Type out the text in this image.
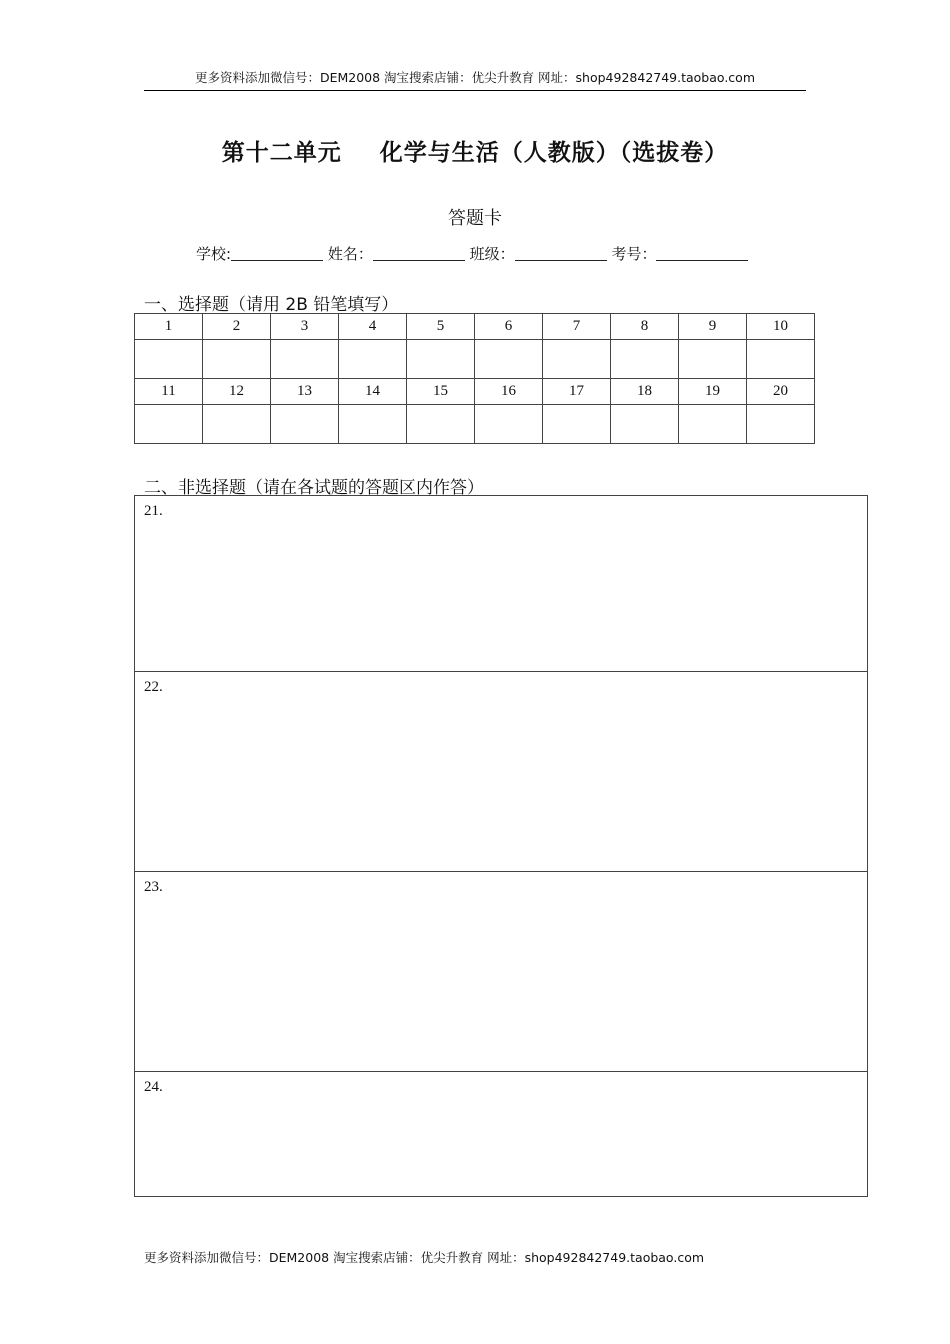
更多资料添加微信号：DEM2008 淘宝搜索店铺：优尖升教育 网址：shop492842749.taobao.com
第十二单元 化学与生活（人教版）（选拔卷）
答题卡
学校:	姓名：	班级：	考号：
一、选择题（请用 2B 铅笔填写）
1	2	3	4	5	6	7	8	9	10

11	12	13	14	15	16	17	18	19	20

二、非选择题（请在各试题的答题区内作答）
21.
22.
23.
24.
更多资料添加微信号：DEM2008 淘宝搜索店铺：优尖升教育 网址：shop492842749.taobao.com
